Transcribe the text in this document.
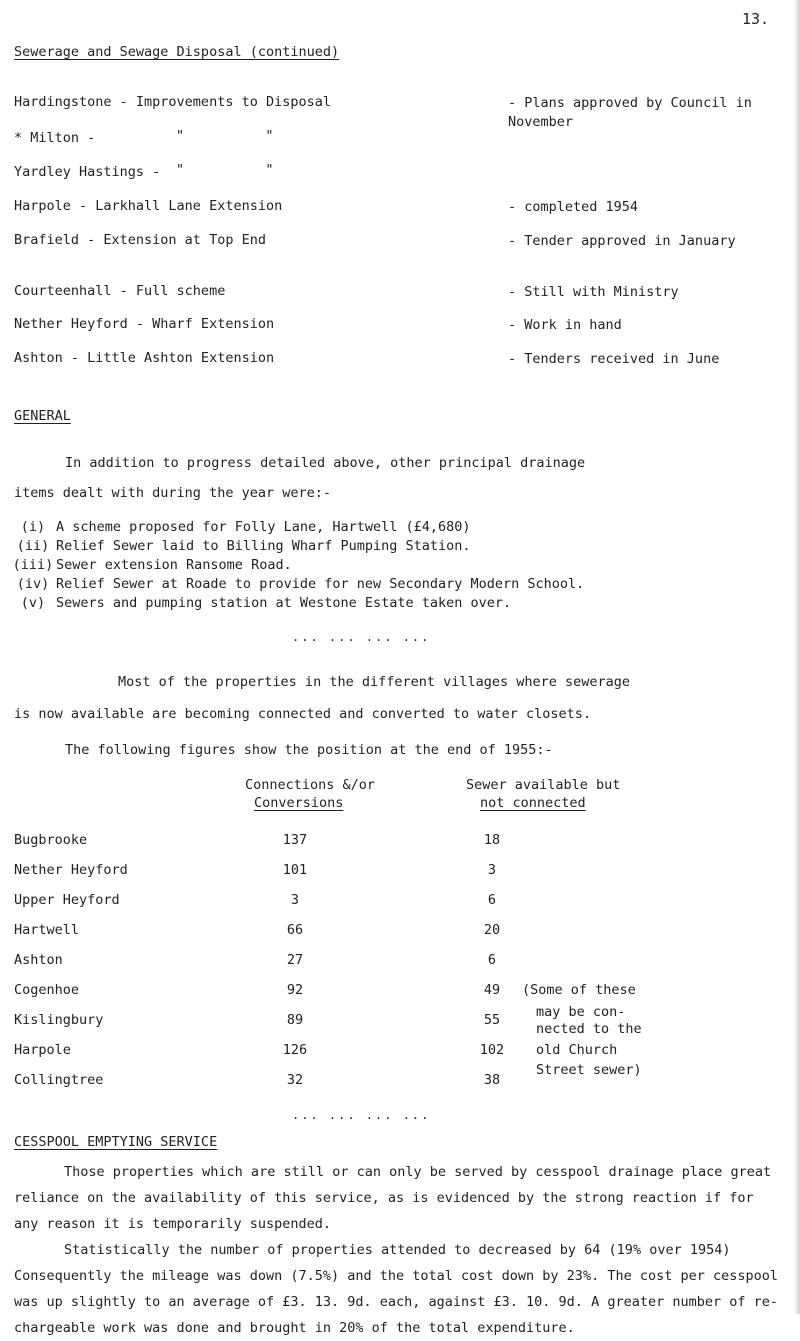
13.
Sewerage and Sewage Disposal (continued)
Hardingstone - Improvements to Disposal	- Plans approved by Council in November
* Milton -	"          "
Yardley Hastings - "          "
Harpole - Larkhall Lane Extension	- completed 1954
Brafield - Extension at Top End	- Tender approved in January
Courteenhall - Full scheme	- Still with Ministry
Nether Heyford - Wharf Extension	- Work in hand
Ashton - Little Ashton Extension	- Tenders received in June
GENERAL
In addition to progress detailed above, other principal drainage
items dealt with during the year were:-
(i) A scheme proposed for Folly Lane, Hartwell (£4,680)
(ii) Relief Sewer laid to Billing Wharf Pumping Station.
(iii) Sewer extension Ransome Road.
(iv) Relief Sewer at Roade to provide for new Secondary Modern School.
(v) Sewers and pumping station at Westone Estate taken over.
... ... ... ...
Most of the properties in the different villages where sewerage
is now available are becoming connected and converted to water closets.
The following figures show the position at the end of 1955:-
Connections &/or
Conversions
Sewer available but
not connected
Bugbrooke	137	18
Nether Heyford	101	3
Upper Heyford	3	6
Hartwell	66	20
Ashton	27	6
Cogenhoe	92	49
Kislingbury	89	55
Harpole	126	102
Collingtree	32	38
(Some of these
may be con-
nected to the
old Church
Street sewer)
... ... ... ...
CESSPOOL EMPTYING SERVICE
Those properties which are still or can only be served by cesspool drainage place great reliance on the availability of this service, as is evidenced by the strong reaction if for any reason it is temporarily suspended.
Statistically the number of properties attended to decreased by 64 (19% over 1954) Consequently the mileage was down (7.5%) and the total cost down by 23%. The cost per cesspool was up slightly to an average of £3. 13. 9d. each, against £3. 10. 9d. A greater number of re-chargeable work was done and brought in 20% of the total expenditure.
